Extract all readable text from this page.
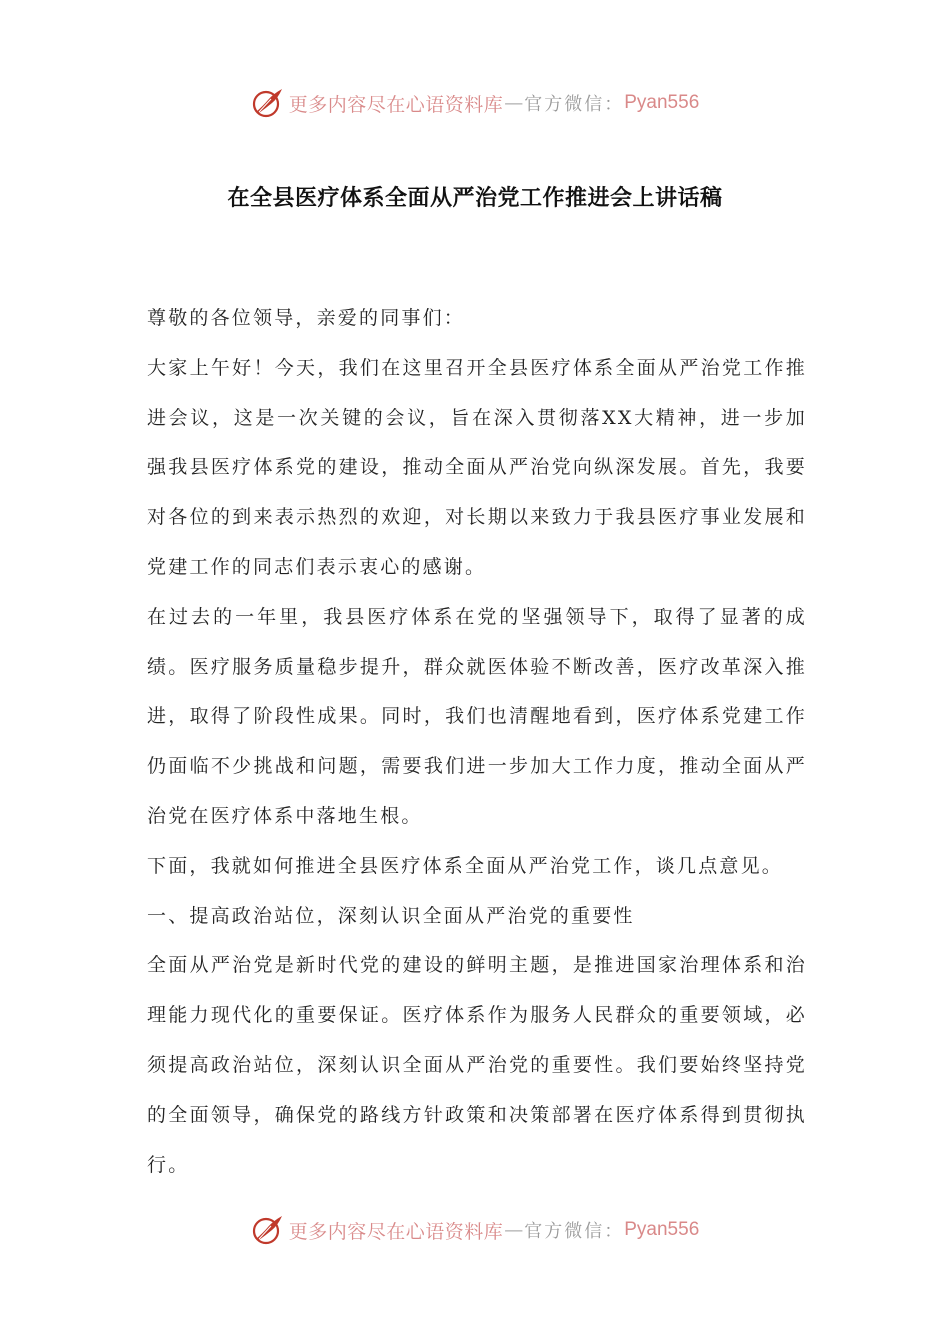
更多内容尽在心语资料库 — 官方微信： Pyan556
在全县医疗体系全面从严治党工作推进会上讲话稿

尊敬的各位领导，亲爱的同事们：

大家上午好！今天，我们在这里召开全县医疗体系全面从严治党工作推进会议，这是一次关键的会议，旨在深入贯彻落XX大精神，进一步加强我县医疗体系党的建设，推动全面从严治党向纵深发展。首先，我要对各位的到来表示热烈的欢迎，对长期以来致力于我县医疗事业发展和党建工作的同志们表示衷心的感谢。

在过去的一年里，我县医疗体系在党的坚强领导下，取得了显著的成绩。医疗服务质量稳步提升，群众就医体验不断改善，医疗改革深入推进，取得了阶段性成果。同时，我们也清醒地看到，医疗体系党建工作仍面临不少挑战和问题，需要我们进一步加大工作力度，推动全面从严治党在医疗体系中落地生根。

下面，我就如何推进全县医疗体系全面从严治党工作，谈几点意见。

一、提高政治站位，深刻认识全面从严治党的重要性

全面从严治党是新时代党的建设的鲜明主题，是推进国家治理体系和治理能力现代化的重要保证。医疗体系作为服务人民群众的重要领域，必须提高政治站位，深刻认识全面从严治党的重要性。我们要始终坚持党的全面领导，确保党的路线方针政策和决策部署在医疗体系得到贯彻执行。

更多内容尽在心语资料库 — 官方微信： Pyan556
